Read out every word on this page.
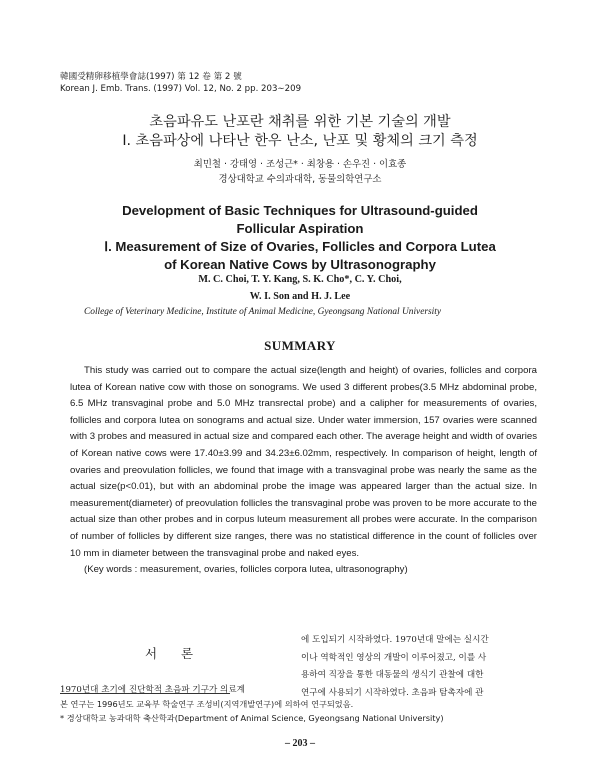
韓國受精卵移植學會誌(1997) 第 12 卷 第 2 號
Korean J. Emb. Trans. (1997) Vol. 12, No. 2 pp. 203∼209
초음파유도 난포란 채취를 위한 기본 기술의 개발
Ⅰ. 초음파상에 나타난 한우 난소, 난포 및 황체의 크기 측정
최민철 · 강태영 · 조성근* · 최창용 · 손우진 · 이효종
경상대학교 수의과대학, 동물의학연구소
Development of Basic Techniques for Ultrasound-guided
Follicular Aspiration
Ⅰ. Measurement of Size of Ovaries, Follicles and Corpora Lutea
of Korean Native Cows by Ultrasonography
M. C. Choi, T. Y. Kang, S. K. Cho*, C. Y. Choi,
W. I. Son and H. J. Lee
College of Veterinary Medicine, Institute of Animal Medicine, Gyeongsang National University
SUMMARY

This study was carried out to compare the actual size(length and height) of ovaries, follicles and corpora lutea of Korean native cow with those on sonograms. We used 3 different probes(3.5 MHz abdominal probe, 6.5 MHz transvaginal probe and 5.0 MHz transrectal probe) and a calipher for measurements of ovaries, follicles and corpora lutea on sonograms and actual size. Under water immersion, 157 ovaries were scanned with 3 probes and measured in actual size and compared each other. The average height and width of ovaries of Korean native cows were 17.40±3.99 and 34.23±6.02mm, respectively. In comparison of height, length of ovaries and preovulation follicles, we found that image with a transvaginal probe was nearly the same as the actual size(p<0.01), but with an abdominal probe the image was appeared larger than the actual size. In measurement(diameter) of preovulation follicles the transvaginal probe was proven to be more accurate to the actual size than other probes and in corpus luteum measurement all probes were accurate. In the comparison of number of follicles by different size ranges, there was no statistical difference in the count of follicles over 10 mm in diameter between the transvaginal probe and naked eyes.

(Key words : measurement, ovaries, follicles corpora lutea, ultrasonography)

서 론
1970년대 초기에 진단학적 초음파 기구가 의료계
에 도입되기 시작하였다. 1970년대 말에는 실시간
이나 역학적인 영상의 개발이 이루어졌고, 이를 사
용하여 직장을 통한 대동물의 생식기 관찰에 대한
연구에 사용되기 시작하였다. 초음파 탐촉자에 관
본 연구는 1996년도 교육부 학술연구 조성비(지역개발연구)에 의하여 연구되었음.
* 경상대학교 농과대학 축산학과(Department of Animal Science, Gyeongsang National University)
– 203 –
